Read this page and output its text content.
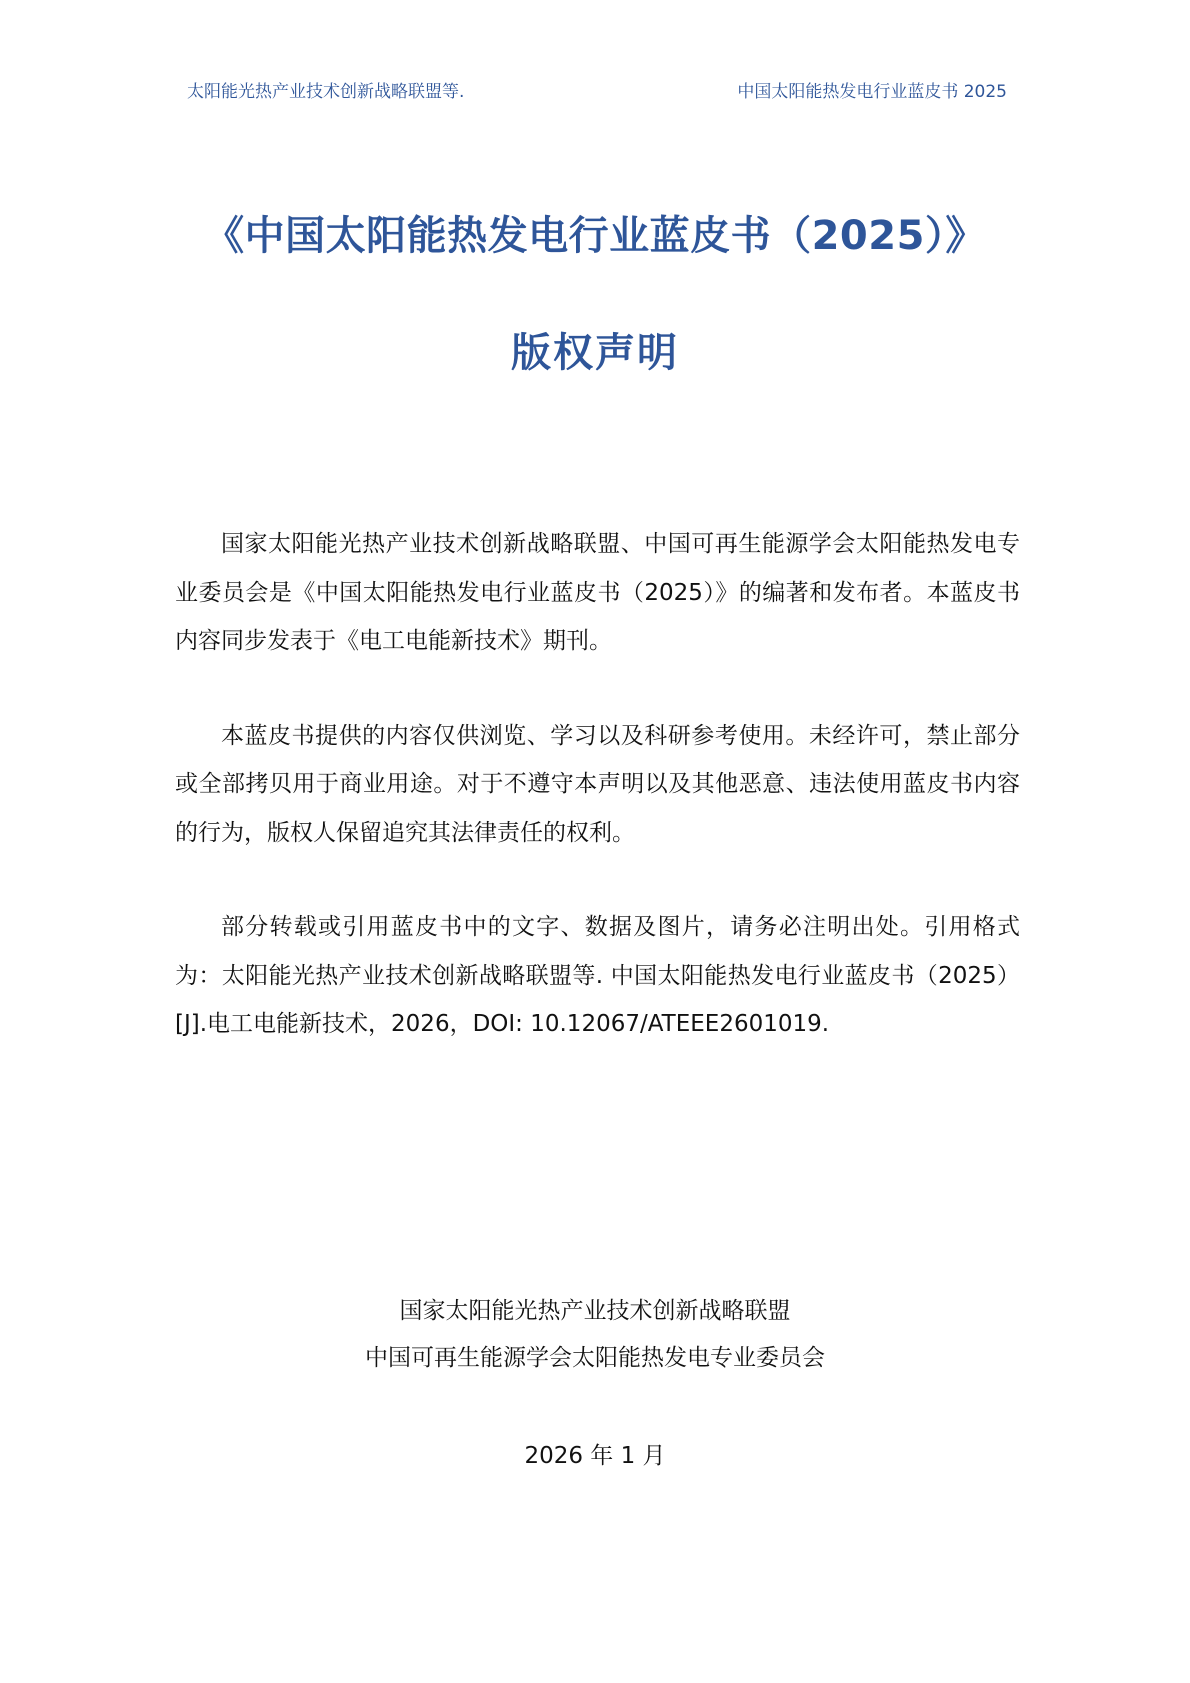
太阳能光热产业技术创新战略联盟等.	中国太阳能热发电行业蓝皮书 2025
《中国太阳能热发电行业蓝皮书（2025）》
版权声明

国家太阳能光热产业技术创新战略联盟、中国可再生能源学会太阳能热发电专业委员会是《中国太阳能热发电行业蓝皮书（2025）》的编著和发布者。本蓝皮书内容同步发表于《电工电能新技术》期刊。

本蓝皮书提供的内容仅供浏览、学习以及科研参考使用。未经许可，禁止部分或全部拷贝用于商业用途。对于不遵守本声明以及其他恶意、违法使用蓝皮书内容的行为，版权人保留追究其法律责任的权利。

部分转载或引用蓝皮书中的文字、数据及图片，请务必注明出处。引用格式为：太阳能光热产业技术创新战略联盟等. 中国太阳能热发电行业蓝皮书（2025）[J].电工电能新技术，2026，DOI: 10.12067/ATEEE2601019.

国家太阳能光热产业技术创新战略联盟
中国可再生能源学会太阳能热发电专业委员会
2026 年 1 月
